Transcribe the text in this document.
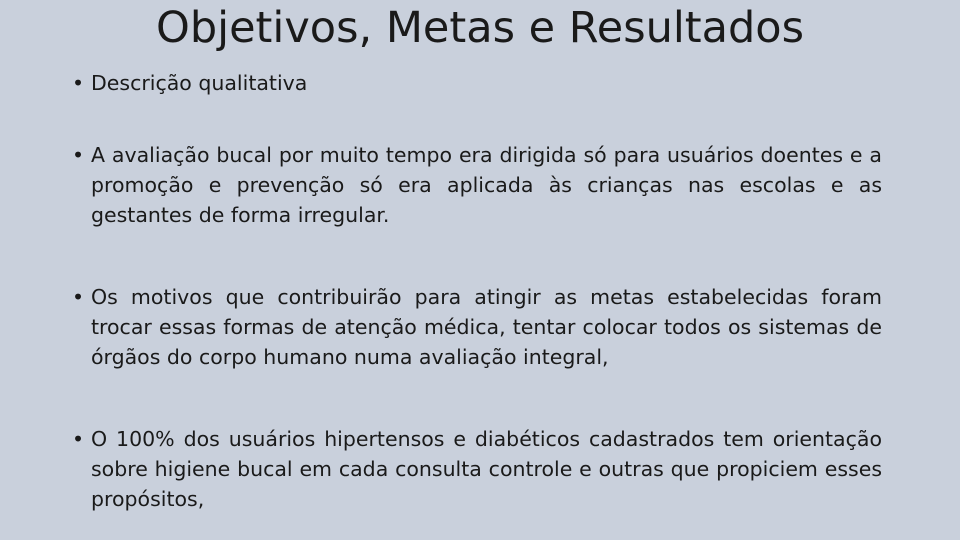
Objetivos, Metas e Resultados
• Descrição qualitativa
• A avaliação bucal por muito tempo era dirigida só para usuários doentes e a promoção e prevenção só era aplicada às crianças nas escolas e as gestantes de forma irregular.
• Os motivos que contribuirão para atingir as metas estabelecidas foram trocar essas formas de atenção médica, tentar colocar todos os sistemas de órgãos do corpo humano numa avaliação integral,
• O 100% dos usuários hipertensos e diabéticos cadastrados tem orientação sobre higiene bucal em cada consulta controle e outras que propiciem esses propósitos,
